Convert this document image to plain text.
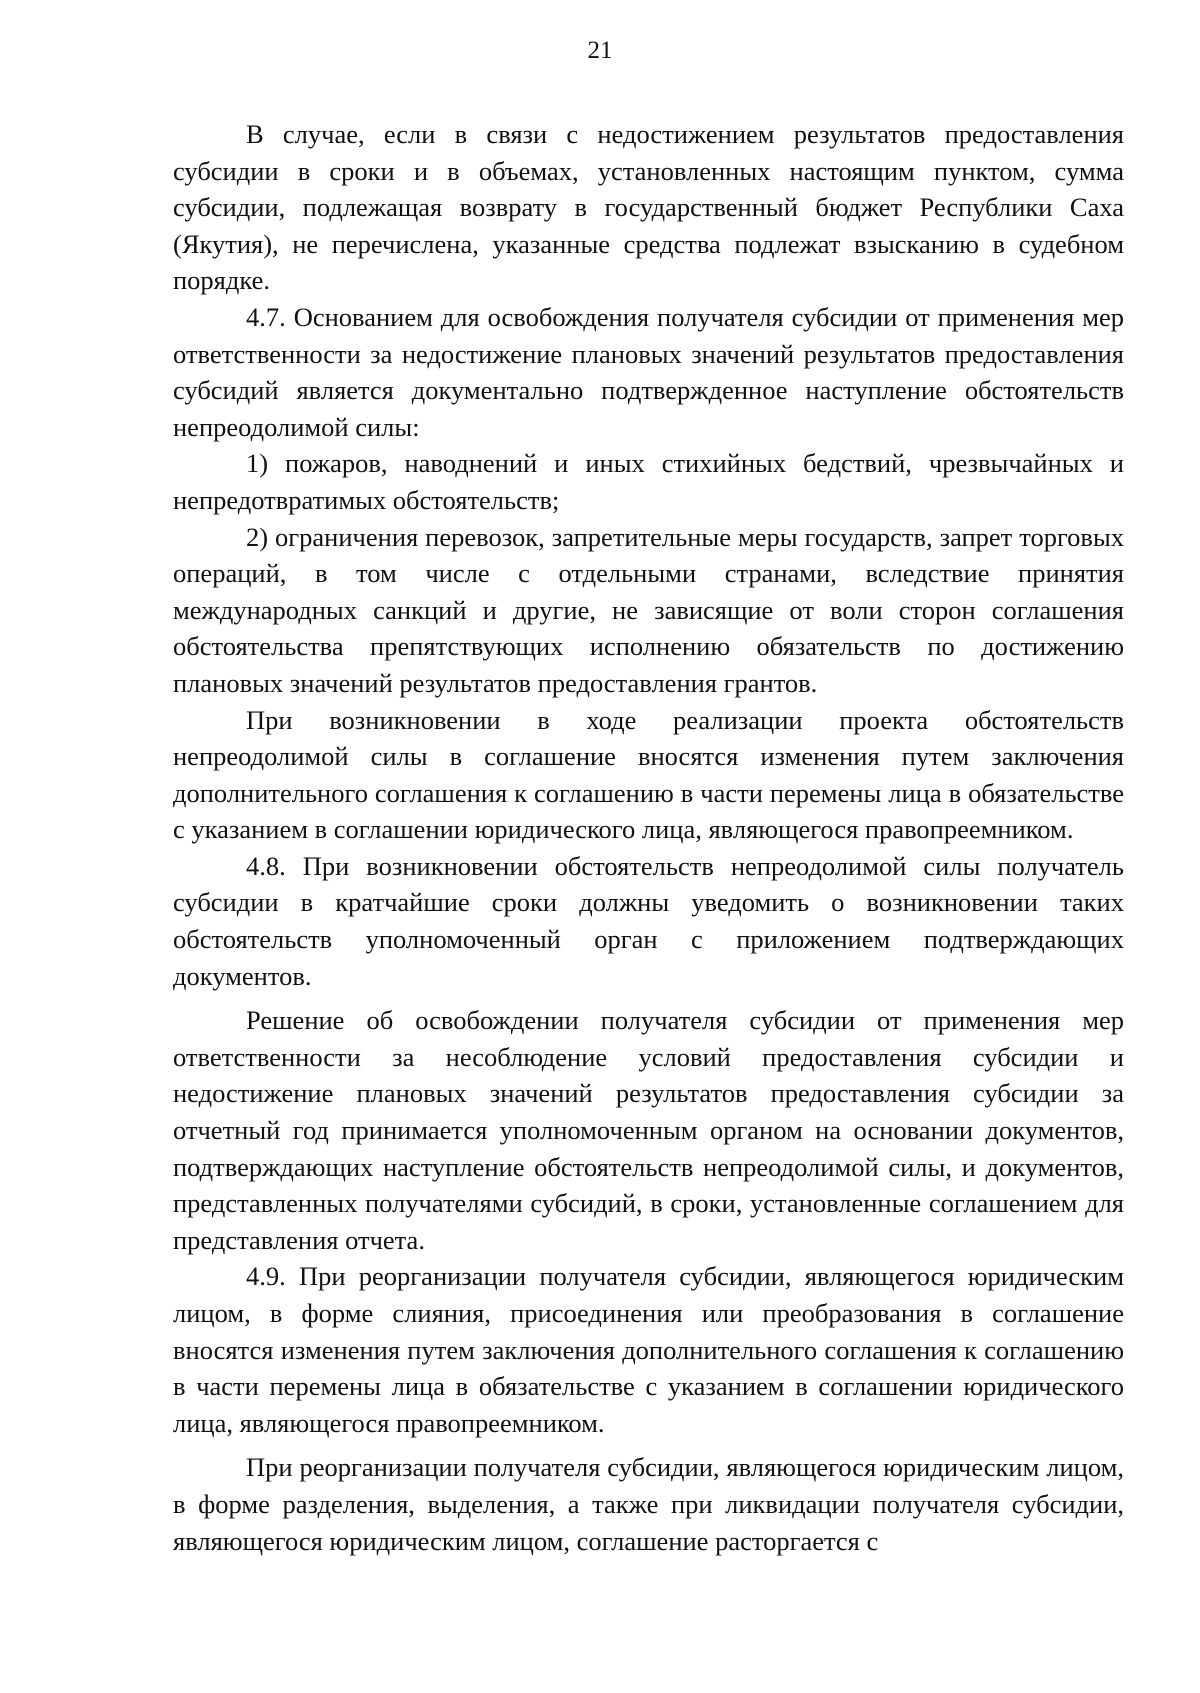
21

В случае, если в связи с недостижением результатов предоставления субсидии в сроки и в объемах, установленных настоящим пунктом, сумма субсидии, подлежащая возврату в государственный бюджет Республики Саха (Якутия), не перечислена, указанные средства подлежат взысканию в судебном порядке.

4.7. Основанием для освобождения получателя субсидии от применения мер ответственности за недостижение плановых значений результатов предоставления субсидий является документально подтвержденное наступление обстоятельств непреодолимой силы:

1) пожаров, наводнений и иных стихийных бедствий, чрезвычайных и непредотвратимых обстоятельств;

2) ограничения перевозок, запретительные меры государств, запрет торговых операций, в том числе с отдельными странами, вследствие принятия международных санкций и другие, не зависящие от воли сторон соглашения обстоятельства препятствующих исполнению обязательств по достижению плановых значений результатов предоставления грантов.

При возникновении в ходе реализации проекта обстоятельств непреодолимой силы в соглашение вносятся изменения путем заключения дополнительного соглашения к соглашению в части перемены лица в обязательстве с указанием в соглашении юридического лица, являющегося правопреемником.

4.8. При возникновении обстоятельств непреодолимой силы получатель субсидии в кратчайшие сроки должны уведомить о возникновении таких обстоятельств уполномоченный орган с приложением подтверждающих документов.

Решение об освобождении получателя субсидии от применения мер ответственности за несоблюдение условий предоставления субсидии и недостижение плановых значений результатов предоставления субсидии за отчетный год принимается уполномоченным органом на основании документов, подтверждающих наступление обстоятельств непреодолимой силы, и документов, представленных получателями субсидий, в сроки, установленные соглашением для представления отчета.

4.9. При реорганизации получателя субсидии, являющегося юридическим лицом, в форме слияния, присоединения или преобразования в соглашение вносятся изменения путем заключения дополнительного соглашения к соглашению в части перемены лица в обязательстве с указанием в соглашении юридического лица, являющегося правопреемником.

При реорганизации получателя субсидии, являющегося юридическим лицом, в форме разделения, выделения, а также при ликвидации получателя субсидии, являющегося юридическим лицом, соглашение расторгается с
